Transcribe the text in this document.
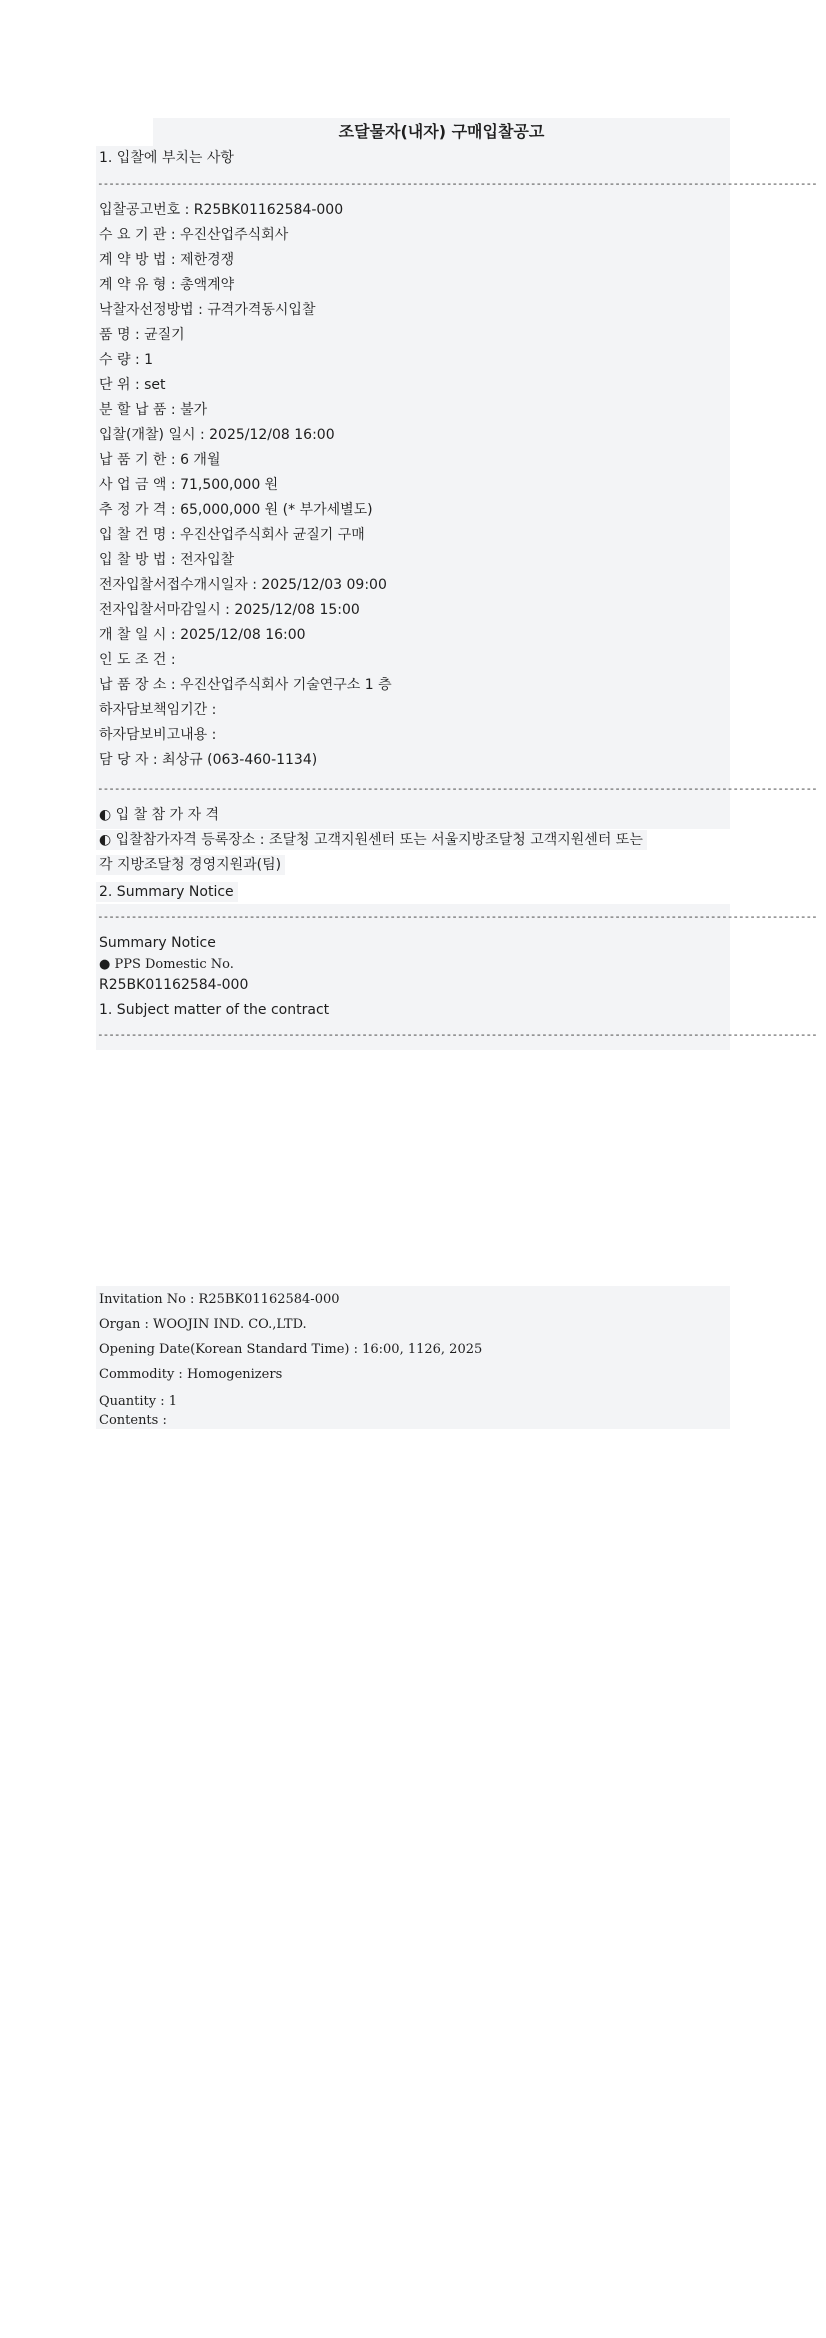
조달물자(내자) 구매입찰공고
1. 입찰에 부치는 사항
--------------------------------------------------------------------------------------------------------------------------------
입찰공고번호 : R25BK01162584-000
수 요 기 관 : 우진산업주식회사
계 약 방 법 : 제한경쟁
계 약 유 형 : 총액계약
낙찰자선정방법 : 규격가격동시입찰
품 명 : 균질기
수 량 : 1
단 위 : set
분 할 납 품 : 불가
입찰(개찰) 일시 : 2025/12/08 16:00
납 품 기 한 : 6 개월
사 업 금 액 : 71,500,000 원
추 정 가 격 : 65,000,000 원 (* 부가세별도)
입 찰 건 명 : 우진산업주식회사 균질기 구매
입 찰 방 법 : 전자입찰
전자입찰서접수개시일자 : 2025/12/03 09:00
전자입찰서마감일시 : 2025/12/08 15:00
개 찰 일 시 : 2025/12/08 16:00
인 도 조 건 :
납 품 장 소 : 우진산업주식회사 기술연구소 1 층
하자담보책임기간 :
하자담보비고내용 :
담 당 자 : 최상규 (063-460-1134)
--------------------------------------------------------------------------------------------------------------------------------
◐ 입 찰 참 가 자 격
◐ 입찰참가자격 등록장소 : 조달청 고객지원센터 또는 서울지방조달청 고객지원센터 또는
각 지방조달청 경영지원과(팀)
2. Summary Notice
--------------------------------------------------------------------------------------------------------------------------------
Summary Notice
● PPS Domestic No.
R25BK01162584-000
1. Subject matter of the contract
--------------------------------------------------------------------------------------------------------------------------------
Invitation No : R25BK01162584-000
Organ : WOOJIN IND. CO.,LTD.
Opening Date(Korean Standard Time) : 16:00, 1126, 2025
Commodity : Homogenizers
Quantity : 1
Contents :
